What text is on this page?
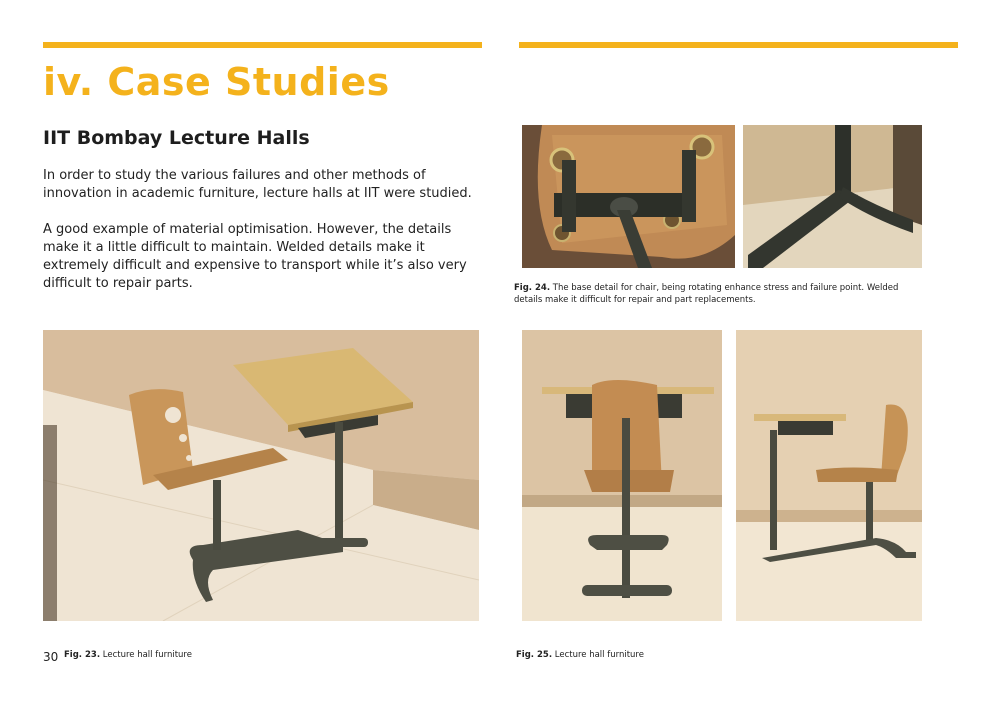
iv. Case Studies
IIT Bombay Lecture Halls

In order to study the various failures and other methods of innovation in academic furniture, lecture halls at IIT were studied.

A good example of material optimisation. However, the details make it a little difficult to maintain. Welded details make it extremely difficult and expensive to transport while it’s also very difficult to repair parts.	Fig. 24. The base detail for chair, being rotating enhance stress and failure point. Welded details make it difficult for repair and part replacements.

30 Fig. 23. Lecture hall furniture	Fig. 25. Lecture hall furniture
